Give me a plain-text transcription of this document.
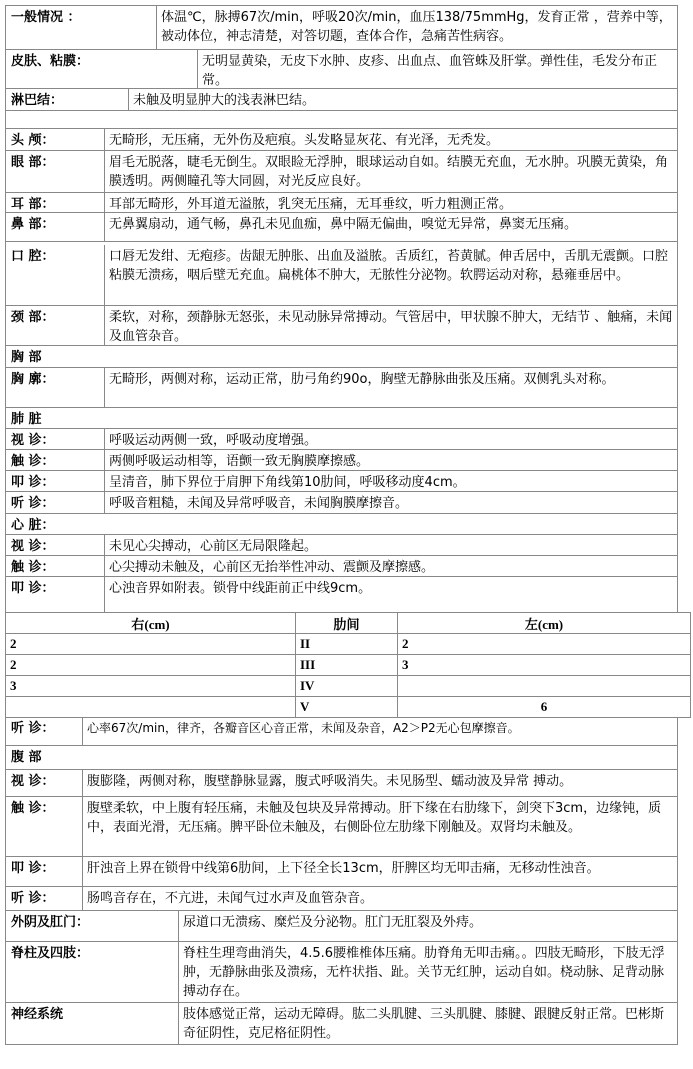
一般情况 ：	体温℃，脉搏67次/min，呼吸20次/min，血压138/75mmHg，发育正常 ，营养中等，被动体位，神志清楚，对答切题，查体合作，急痛苦性病容。
皮肤、粘膜：	无明显黄染，无皮下水肿、皮疹、出血点、血管蛛及肝掌。弹性佳，毛发分布正常。
淋巴结：	未触及明显肿大的浅表淋巴结。
头 颅：	无畸形，无压痛，无外伤及疤痕。头发略显灰花、有光泽，无秃发。
眼 部：	眉毛无脱落，睫毛无倒生。双眼睑无浮肿，眼球运动自如。结膜无充血，无水肿。巩膜无黄染，角膜透明。两侧瞳孔等大同圆，对光反应良好。
耳 部：	耳部无畸形，外耳道无溢脓，乳突无压痛，无耳垂纹，听力粗测正常。
鼻 部：	无鼻翼扇动，通气畅，鼻孔未见血痂，鼻中隔无偏曲，嗅觉无异常，鼻窦无压痛。
口 腔：	口唇无发绀、无疱疹。齿龈无肿胀、出血及溢脓。舌质红，苔黄腻。伸舌居中，舌肌无震颤。口腔粘膜无溃疡，咽后壁无充血。扁桃体不肿大，无脓性分泌物。软腭运动对称，悬雍垂居中。
颈 部：	柔软，对称，颈静脉无怒张，未见动脉异常搏动。气管居中，甲状腺不肿大，无结节 、触痛，未闻及血管杂音。
胸 部
胸 廓：	无畸形，两侧对称，运动正常，肋弓角约90o，胸壁无静脉曲张及压痛。双侧乳头对称。
肺 脏
视 诊：	呼吸运动两侧一致，呼吸动度增强。
触 诊：	两侧呼吸运动相等，语颤一致无胸膜摩擦感。
叩 诊：	呈清音，肺下界位于肩胛下角线第10肋间，呼吸移动度4cm。
听 诊：	呼吸音粗糙，未闻及异常呼吸音，未闻胸膜摩擦音。
心 脏：
视 诊：	未见心尖搏动，心前区无局限隆起。
触 诊：	心尖搏动未触及，心前区无抬举性冲动、震颤及摩擦感。
叩 诊：	心浊音界如附表。锁骨中线距前正中线9cm。
右(cm)	肋间	左(cm)
2	II	2
2	III	3
3	IV	
	V	6
听 诊：	心率67次/min，律齐，各瓣音区心音正常，未闻及杂音，A2＞P2无心包摩擦音。
腹 部
视 诊：	腹膨隆，两侧对称，腹壁静脉显露，腹式呼吸消失。未见肠型、蠕动波及异常 搏动。
触 诊：	腹壁柔软，中上腹有轻压痛，未触及包块及异常搏动。肝下缘在右肋缘下，剑突下3cm，边缘钝，质中，表面光滑，无压痛。脾平卧位未触及，右侧卧位左肋缘下刚触及。双肾均未触及。
叩 诊：	肝浊音上界在锁骨中线第6肋间，上下径全长13cm，肝脾区均无叩击痛，无移动性浊音。
听 诊：	肠鸣音存在，不亢进，未闻气过水声及血管杂音。
外阴及肛门：	尿道口无溃疡、糜烂及分泌物。肛门无肛裂及外痔。
脊柱及四肢：	脊柱生理弯曲消失，4.5.6腰椎椎体压痛。肋脊角无叩击痛。。四肢无畸形，下肢无浮肿，无静脉曲张及溃疡，无杵状指、趾。关节无红肿，运动自如。桡动脉、足背动脉搏动存在。
神经系统	肢体感觉正常，运动无障碍。肱二头肌腱、三头肌腱、膝腱、跟腱反射正常。巴彬斯奇征阴性，克尼格征阴性。
